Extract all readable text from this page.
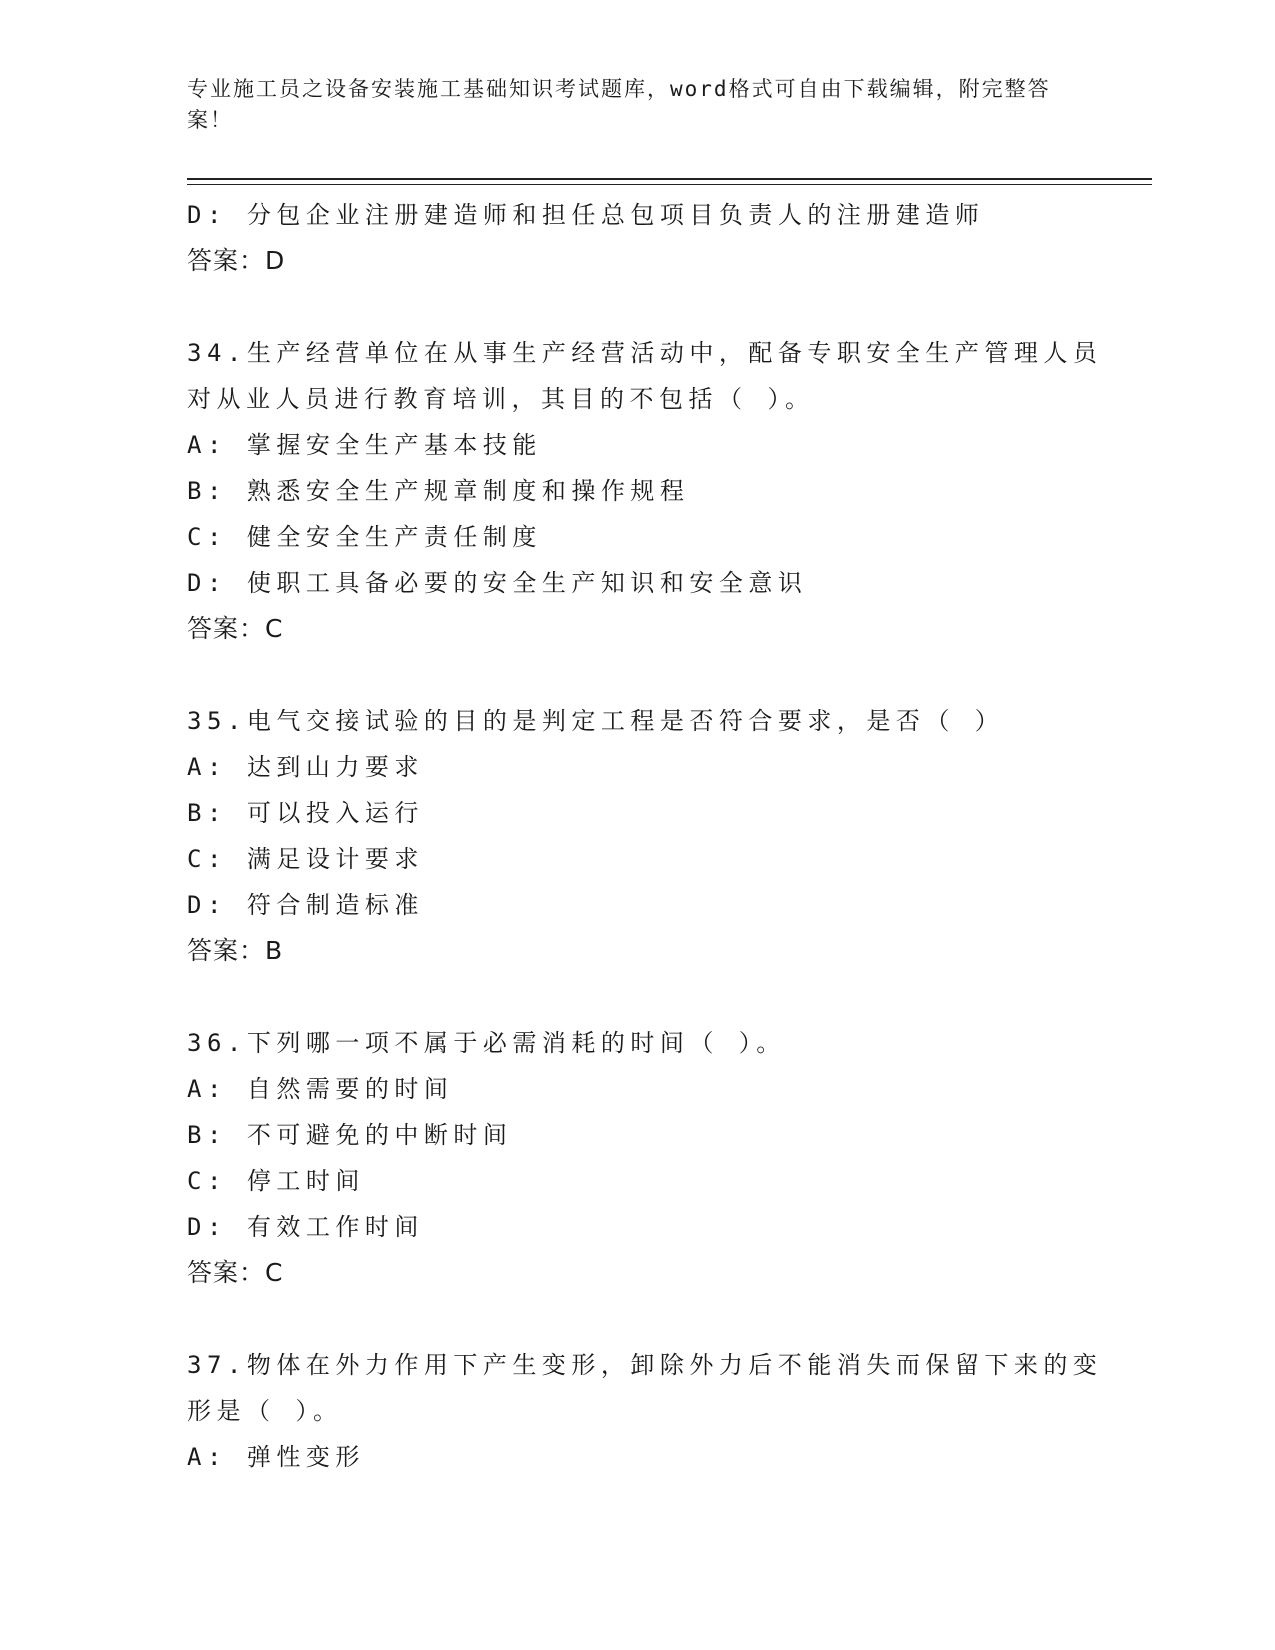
专业施工员之设备安装施工基础知识考试题库，word格式可自由下载编辑，附完整答案！
D: 分包企业注册建造师和担任总包项目负责人的注册建造师
答案：D
34.生产经营单位在从事生产经营活动中，配备专职安全生产管理人员
对从业人员进行教育培训，其目的不包括（ ）。
A: 掌握安全生产基本技能
B: 熟悉安全生产规章制度和操作规程
C: 健全安全生产责任制度
D: 使职工具备必要的安全生产知识和安全意识
答案：C
35.电气交接试验的目的是判定工程是否符合要求，是否（ ）
A: 达到山力要求
B: 可以投入运行
C: 满足设计要求
D: 符合制造标准
答案：B
36.下列哪一项不属于必需消耗的时间（ ）。
A: 自然需要的时间
B: 不可避免的中断时间
C: 停工时间
D: 有效工作时间
答案：C
37.物体在外力作用下产生变形，卸除外力后不能消失而保留下来的变
形是（ ）。
A: 弹性变形
